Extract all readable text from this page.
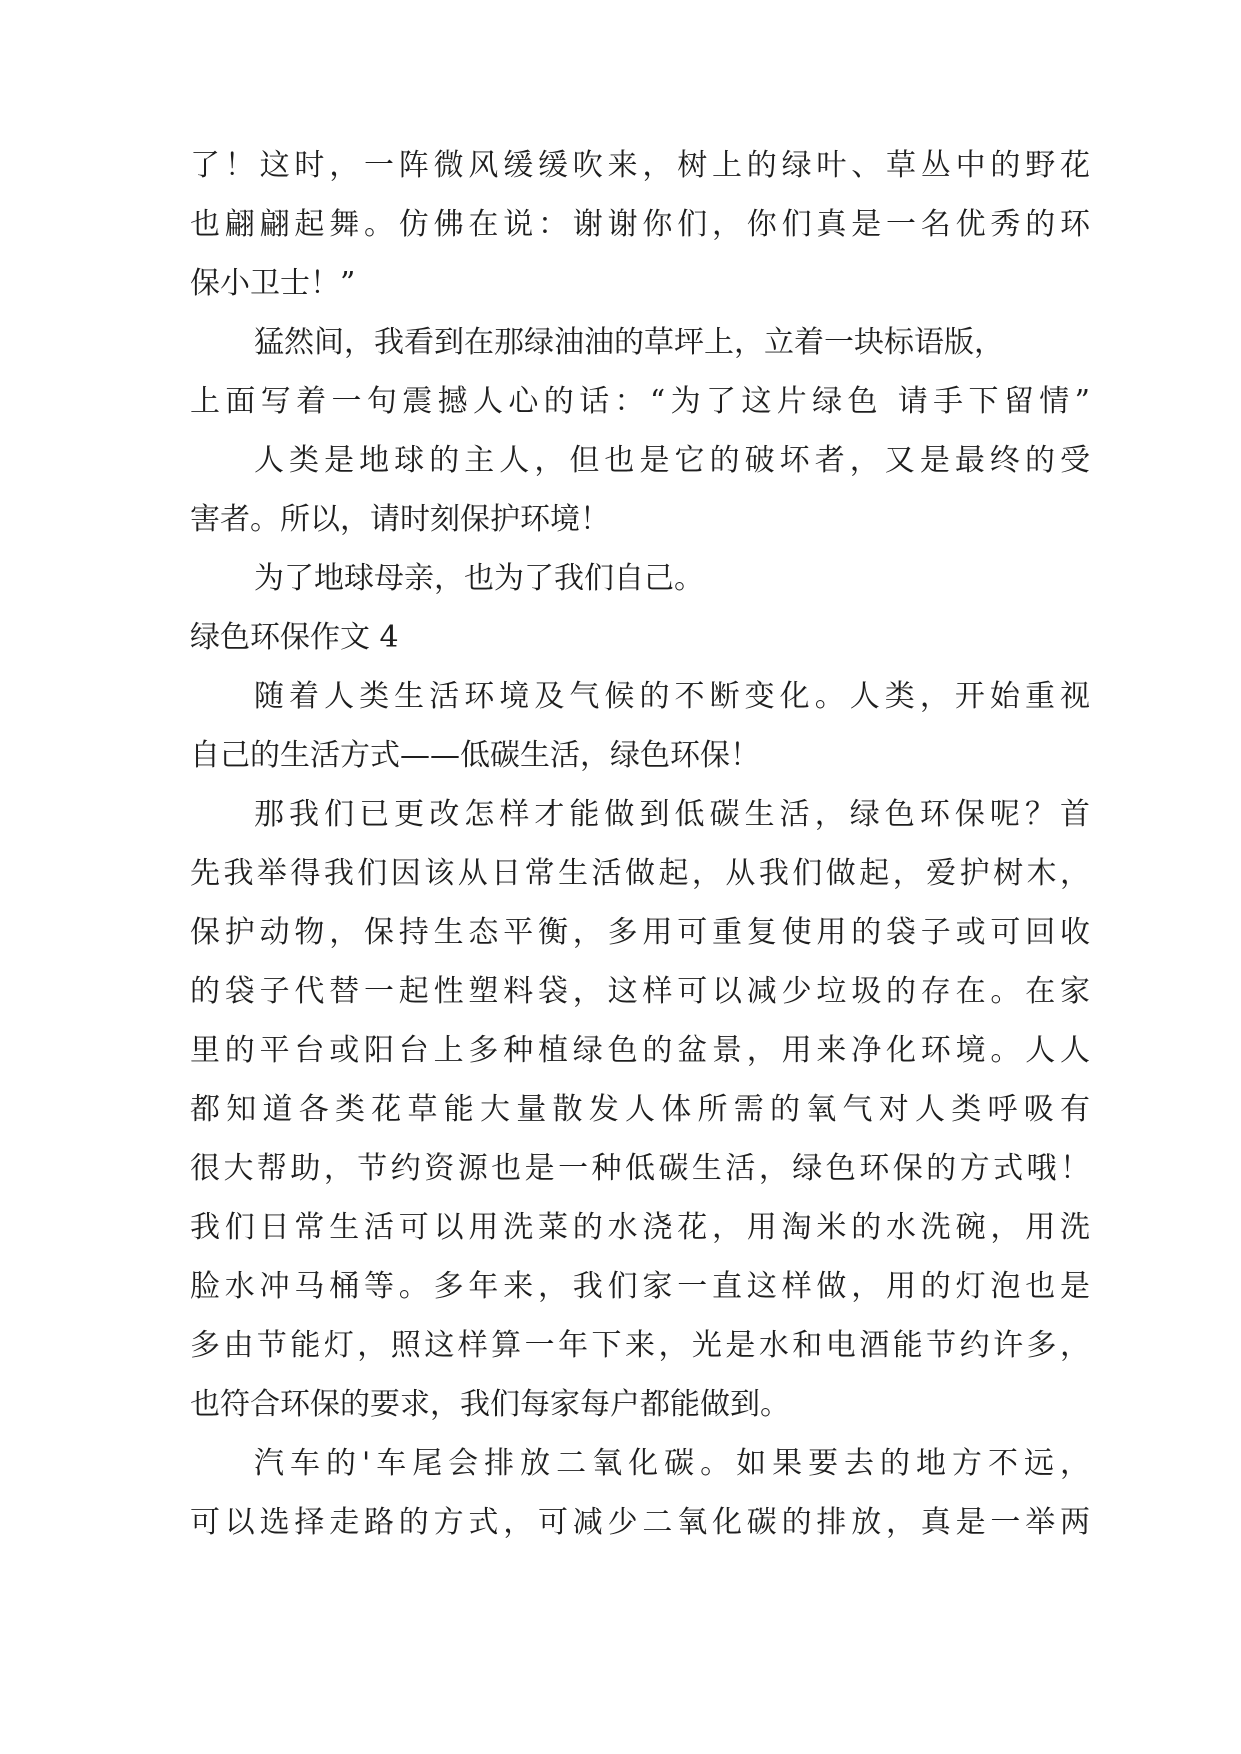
了！这时，一阵微风缓缓吹来，树上的绿叶、草丛中的野花
也翩翩起舞。仿佛在说：谢谢你们，你们真是一名优秀的环
保小卫士！”
猛然间，我看到在那绿油油的草坪上，立着一块标语版，
上面写着一句震撼人心的话：“为了这片绿色 请手下留情”
人类是地球的主人，但也是它的破坏者，又是最终的受
害者。所以，请时刻保护环境！
为了地球母亲，也为了我们自己。
绿色环保作文 4
随着人类生活环境及气候的不断变化。人类，开始重视
自己的生活方式——低碳生活，绿色环保！
那我们已更改怎样才能做到低碳生活，绿色环保呢？首
先我举得我们因该从日常生活做起，从我们做起，爱护树木，
保护动物，保持生态平衡，多用可重复使用的袋子或可回收
的袋子代替一起性塑料袋，这样可以减少垃圾的存在。在家
里的平台或阳台上多种植绿色的盆景，用来净化环境。人人
都知道各类花草能大量散发人体所需的氧气对人类呼吸有
很大帮助，节约资源也是一种低碳生活，绿色环保的方式哦！
我们日常生活可以用洗菜的水浇花，用淘米的水洗碗，用洗
脸水冲马桶等。多年来，我们家一直这样做，用的灯泡也是
多由节能灯，照这样算一年下来，光是水和电酒能节约许多，
也符合环保的要求，我们每家每户都能做到。
汽车的'车尾会排放二氧化碳。如果要去的地方不远，
可以选择走路的方式，可减少二氧化碳的排放，真是一举两
